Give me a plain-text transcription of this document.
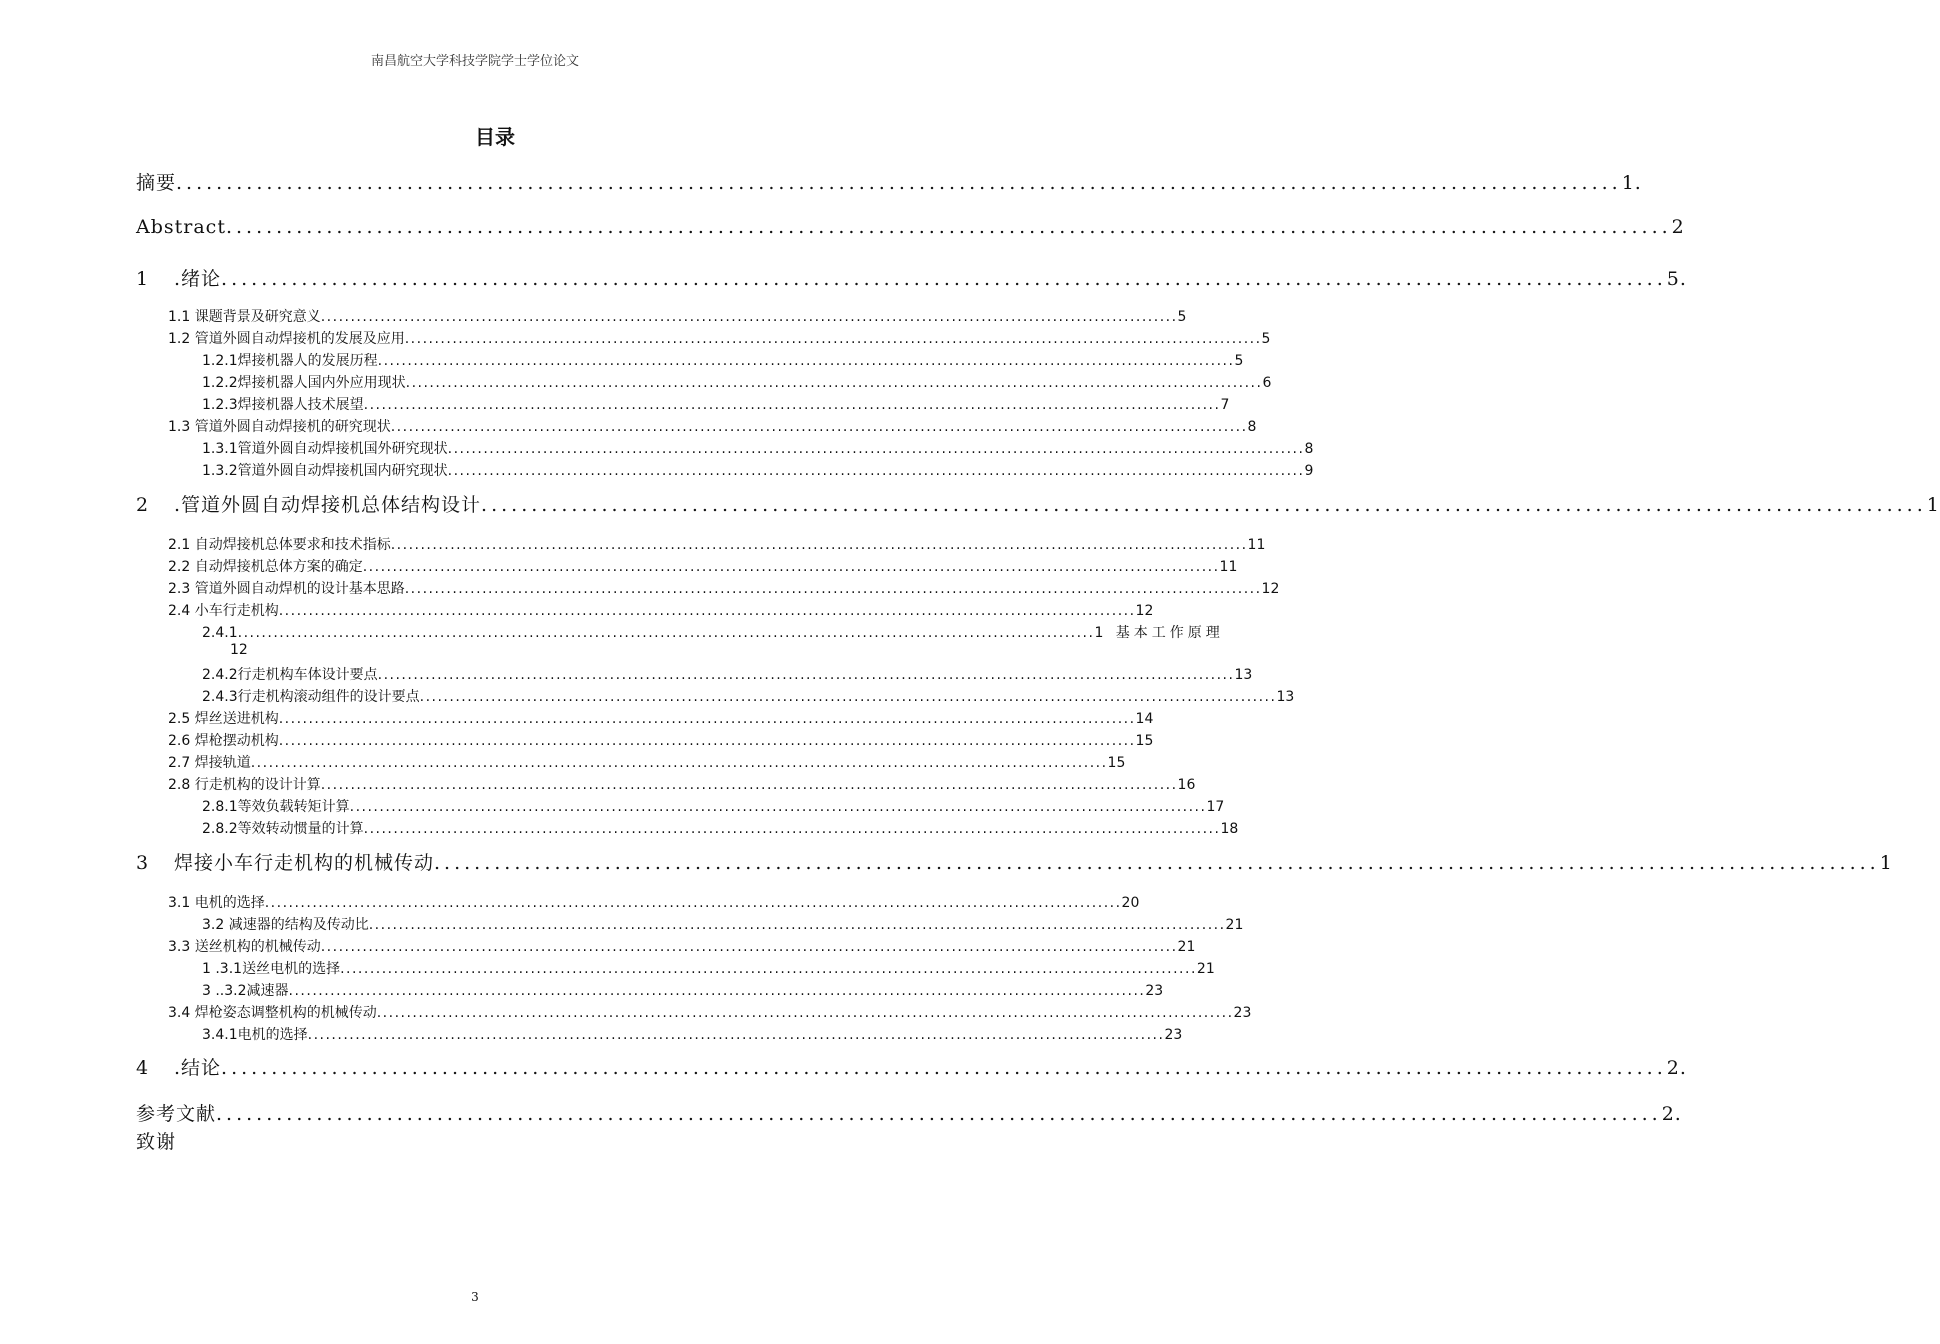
南昌航空大学科技学院学士学位论文
目录
摘要 ................................................................................................................................................ 1.
Abstract ................................................................................................................................................ 2
1	.绪论 ................................................................................................................................................ 5.
1.1 课题背景及研究意义 ................................................................................................................................................ 5
1.2 管道外圆自动焊接机的发展及应用 ................................................................................................................................................ 5
1.2.1焊接机器人的发展历程 ................................................................................................................................................ 5
1.2.2焊接机器人国内外应用现状 ................................................................................................................................................ 6
1.2.3焊接机器人技术展望 ................................................................................................................................................ 7
1.3 管道外圆自动焊接机的研究现状 ................................................................................................................................................ 8
1.3.1管道外圆自动焊接机国外研究现状 ................................................................................................................................................ 8
1.3.2管道外圆自动焊接机国内研究现状 ................................................................................................................................................ 9
2	.管道外圆自动焊接机总体结构设计 ................................................................................................................................................ 1
2.1 自动焊接机总体要求和技术指标 ................................................................................................................................................ 11
2.2 自动焊接机总体方案的确定 ................................................................................................................................................ 11
2.3 管道外圆自动焊机的设计基本思路 ................................................................................................................................................ 12
2.4 小车行走机构 ................................................................................................................................................ 12
2.4.1 ................................................................................................................................................ 1 基本工作原理
12
2.4.2行走机构车体设计要点 ................................................................................................................................................ 13
2.4.3行走机构滚动组件的设计要点 ................................................................................................................................................ 13
2.5 焊丝送进机构 ................................................................................................................................................ 14
2.6 焊枪摆动机构 ................................................................................................................................................ 15
2.7 焊接轨道 ................................................................................................................................................ 15
2.8 行走机构的设计计算 ................................................................................................................................................ 16
2.8.1等效负载转矩计算 ................................................................................................................................................ 17
2.8.2等效转动惯量的计算 ................................................................................................................................................ 18
3	焊接小车行走机构的机械传动 ................................................................................................................................................ 1
3.1 电机的选择 ................................................................................................................................................ 20
3.2 减速器的结构及传动比 ................................................................................................................................................ 21
3.3 送丝机构的机械传动 ................................................................................................................................................ 21
1 .3.1送丝电机的选择 ................................................................................................................................................ 21
3 ..3.2减速器 ................................................................................................................................................ 23
3.4 焊枪姿态调整机构的机械传动 ................................................................................................................................................ 23
3.4.1电机的选择 ................................................................................................................................................ 23
4	.结论 ................................................................................................................................................ 2.
参考文献 ................................................................................................................................................ 2.
致谢
3
